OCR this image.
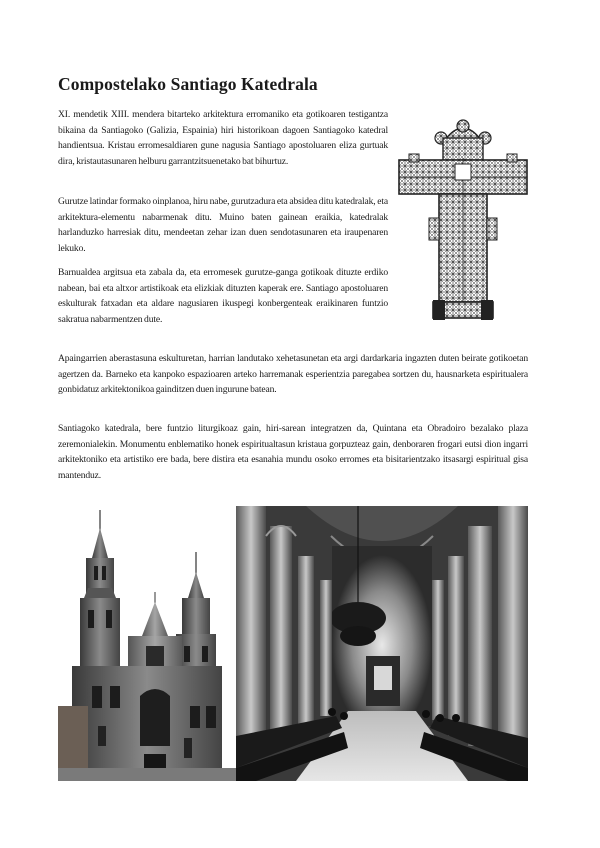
Compostelako Santiago Katedrala

XI. mendetik XIII. mendera bitarteko arkitektura erromaniko eta gotikoaren testigantza bikaina da Santiagoko (Galizia, Espainia) hiri historikoan dagoen Santiagoko katedral handientsua. Kristau erromesaldiaren gune nagusia Santiago apostoluaren eliza gurtuak dira, kristautasunaren helburu garrantzitsuenetako bat bihurtuz.

Gurutze latindar formako oinplanoa, hiru nabe, gurutzadura eta absidea ditu katedralak, eta arkitektura-elementu nabarmenak ditu. Muino baten gainean eraikia, katedralak harlanduzko harresiak ditu, mendeetan zehar izan duen sendotasunaren eta iraupenaren lekuko.

Barnualdea argitsua eta zabala da, eta erromesek gurutze-ganga gotikoak dituzte erdiko nabean, bai eta altxor artistikoak eta elizkiak dituzten kaperak ere. Santiago apostoluaren eskulturak fatxadan eta aldare nagusiaren ikuspegi konbergenteak eraikinaren funtzio sakratua nabarmentzen dute.

Apaingarrien aberastasuna eskulturetan, harrian landutako xehetasunetan eta argi dardarkaria ingazten duten beirate gotikoetan agertzen da. Barneko eta kanpoko espazioaren arteko harremanak esperientzia paregabea sortzen du, hausnarketa espiritualera gonbidatuz arkitektonikoa gainditzen duen ingurune batean.

Santiagoko katedrala, bere funtzio liturgikoaz gain, hiri-sarean integratzen da, Quintana eta Obradoiro bezalako plaza zeremonialekin. Monumentu enblematiko honek espiritualtasun kristaua gorpuzteaz gain, denboraren frogari eutsi dion ingarri arkitektoniko eta artistiko ere bada, bere distira eta esanahia mundu osoko erromes eta bisitarientzako itsasargi espiritual gisa mantenduz.
